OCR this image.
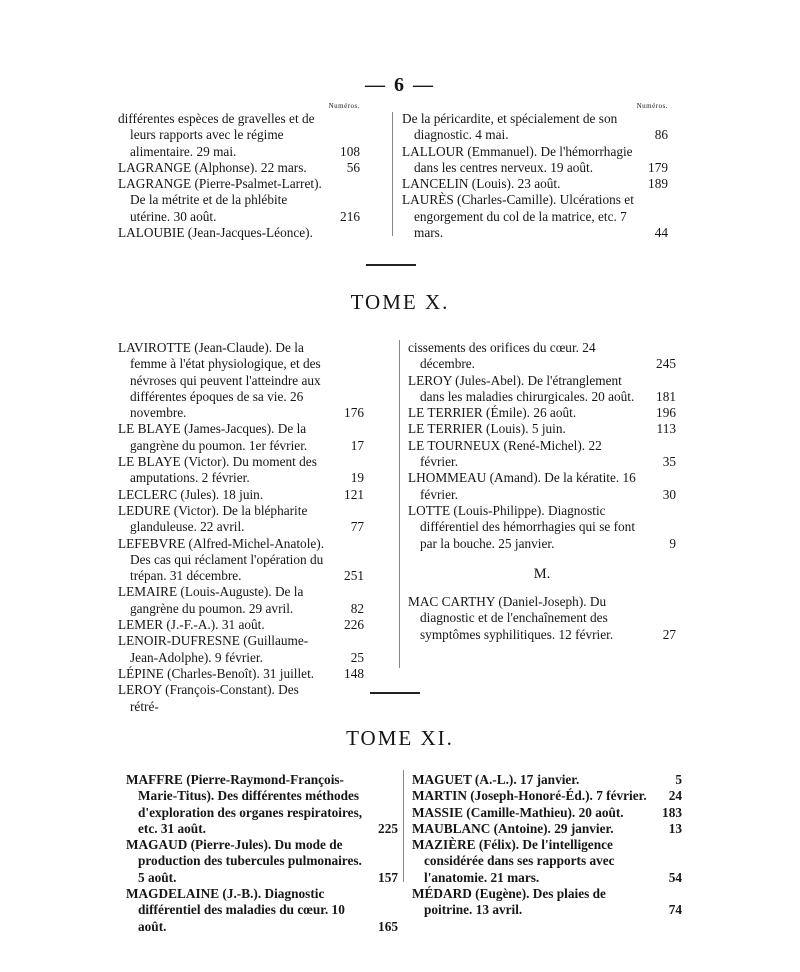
— 6 —
Numéros.
différentes espèces de gravelles et de leurs rapports avec le régime alimentaire. 29 mai.	108
LAGRANGE (Alphonse). 22 mars.	56
LAGRANGE (Pierre-Psalmet-Larret). De la métrite et de la phlébite utérine. 30 août.	216
LALOUBIE (Jean-Jacques-Léonce).
Numéros.
De la péricardite, et spécialement de son diagnostic. 4 mai.	86
LALLOUR (Emmanuel). De l'hémorrhagie dans les centres nerveux. 19 août.	179
LANCELIN (Louis). 23 août.	189
LAURÈS (Charles-Camille). Ulcérations et engorgement du col de la matrice, etc. 7 mars.	44
TOME X.
LAVIROTTE (Jean-Claude). De la femme à l'état physiologique, et des névroses qui peuvent l'atteindre aux différentes époques de sa vie. 26 novembre.	176
LE BLAYE (James-Jacques). De la gangrène du poumon. 1er février.	17
LE BLAYE (Victor). Du moment des amputations. 2 février.	19
LECLERC (Jules). 18 juin.	121
LEDURE (Victor). De la blépharite glanduleuse. 22 avril.	77
LEFEBVRE (Alfred-Michel-Anatole). Des cas qui réclament l'opération du trépan. 31 décembre.	251
LEMAIRE (Louis-Auguste). De la gangrène du poumon. 29 avril.	82
LEMER (J.-F.-A.). 31 août.	226
LENOIR-DUFRESNE (Guillaume-Jean-Adolphe). 9 février.	25
LÉPINE (Charles-Benoît). 31 juillet. 148
LEROY (François-Constant). Des rétré-
cissements des orifices du cœur. 24 décembre.	245
LEROY (Jules-Abel). De l'étranglement dans les maladies chirurgicales. 20 août. 181
LE TERRIER (Émile). 26 août.	196
LE TERRIER (Louis). 5 juin.	113
LE TOURNEUX (René-Michel). 22 février.	35
LHOMMEAU (Amand). De la kératite. 16 février.	30
LOTTE (Louis-Philippe). Diagnostic différentiel des hémorrhagies qui se font par la bouche. 25 janvier.	9
M.
MAC CARTHY (Daniel-Joseph). Du diagnostic et de l'enchaînement des symptômes syphilitiques. 12 février.	27
TOME XI.
MAFFRE (Pierre-Raymond-François-Marie-Titus). Des différentes méthodes d'exploration des organes respiratoires, etc. 31 août.	225
MAGAUD (Pierre-Jules). Du mode de production des tubercules pulmonaires. 5 août.	157
MAGDELAINE (J.-B.). Diagnostic différentiel des maladies du cœur. 10 août.	165
MAGUET (A.-L.). 17 janvier.	5
MARTIN (Joseph-Honoré-Éd.). 7 février. 24
MASSIE (Camille-Mathieu). 20 août.	183
MAUBLANC (Antoine). 29 janvier.	13
MAZIÈRE (Félix). De l'intelligence considérée dans ses rapports avec l'anatomie. 21 mars.	54
MÉDARD (Eugène). Des plaies de poitrine. 13 avril.	74
